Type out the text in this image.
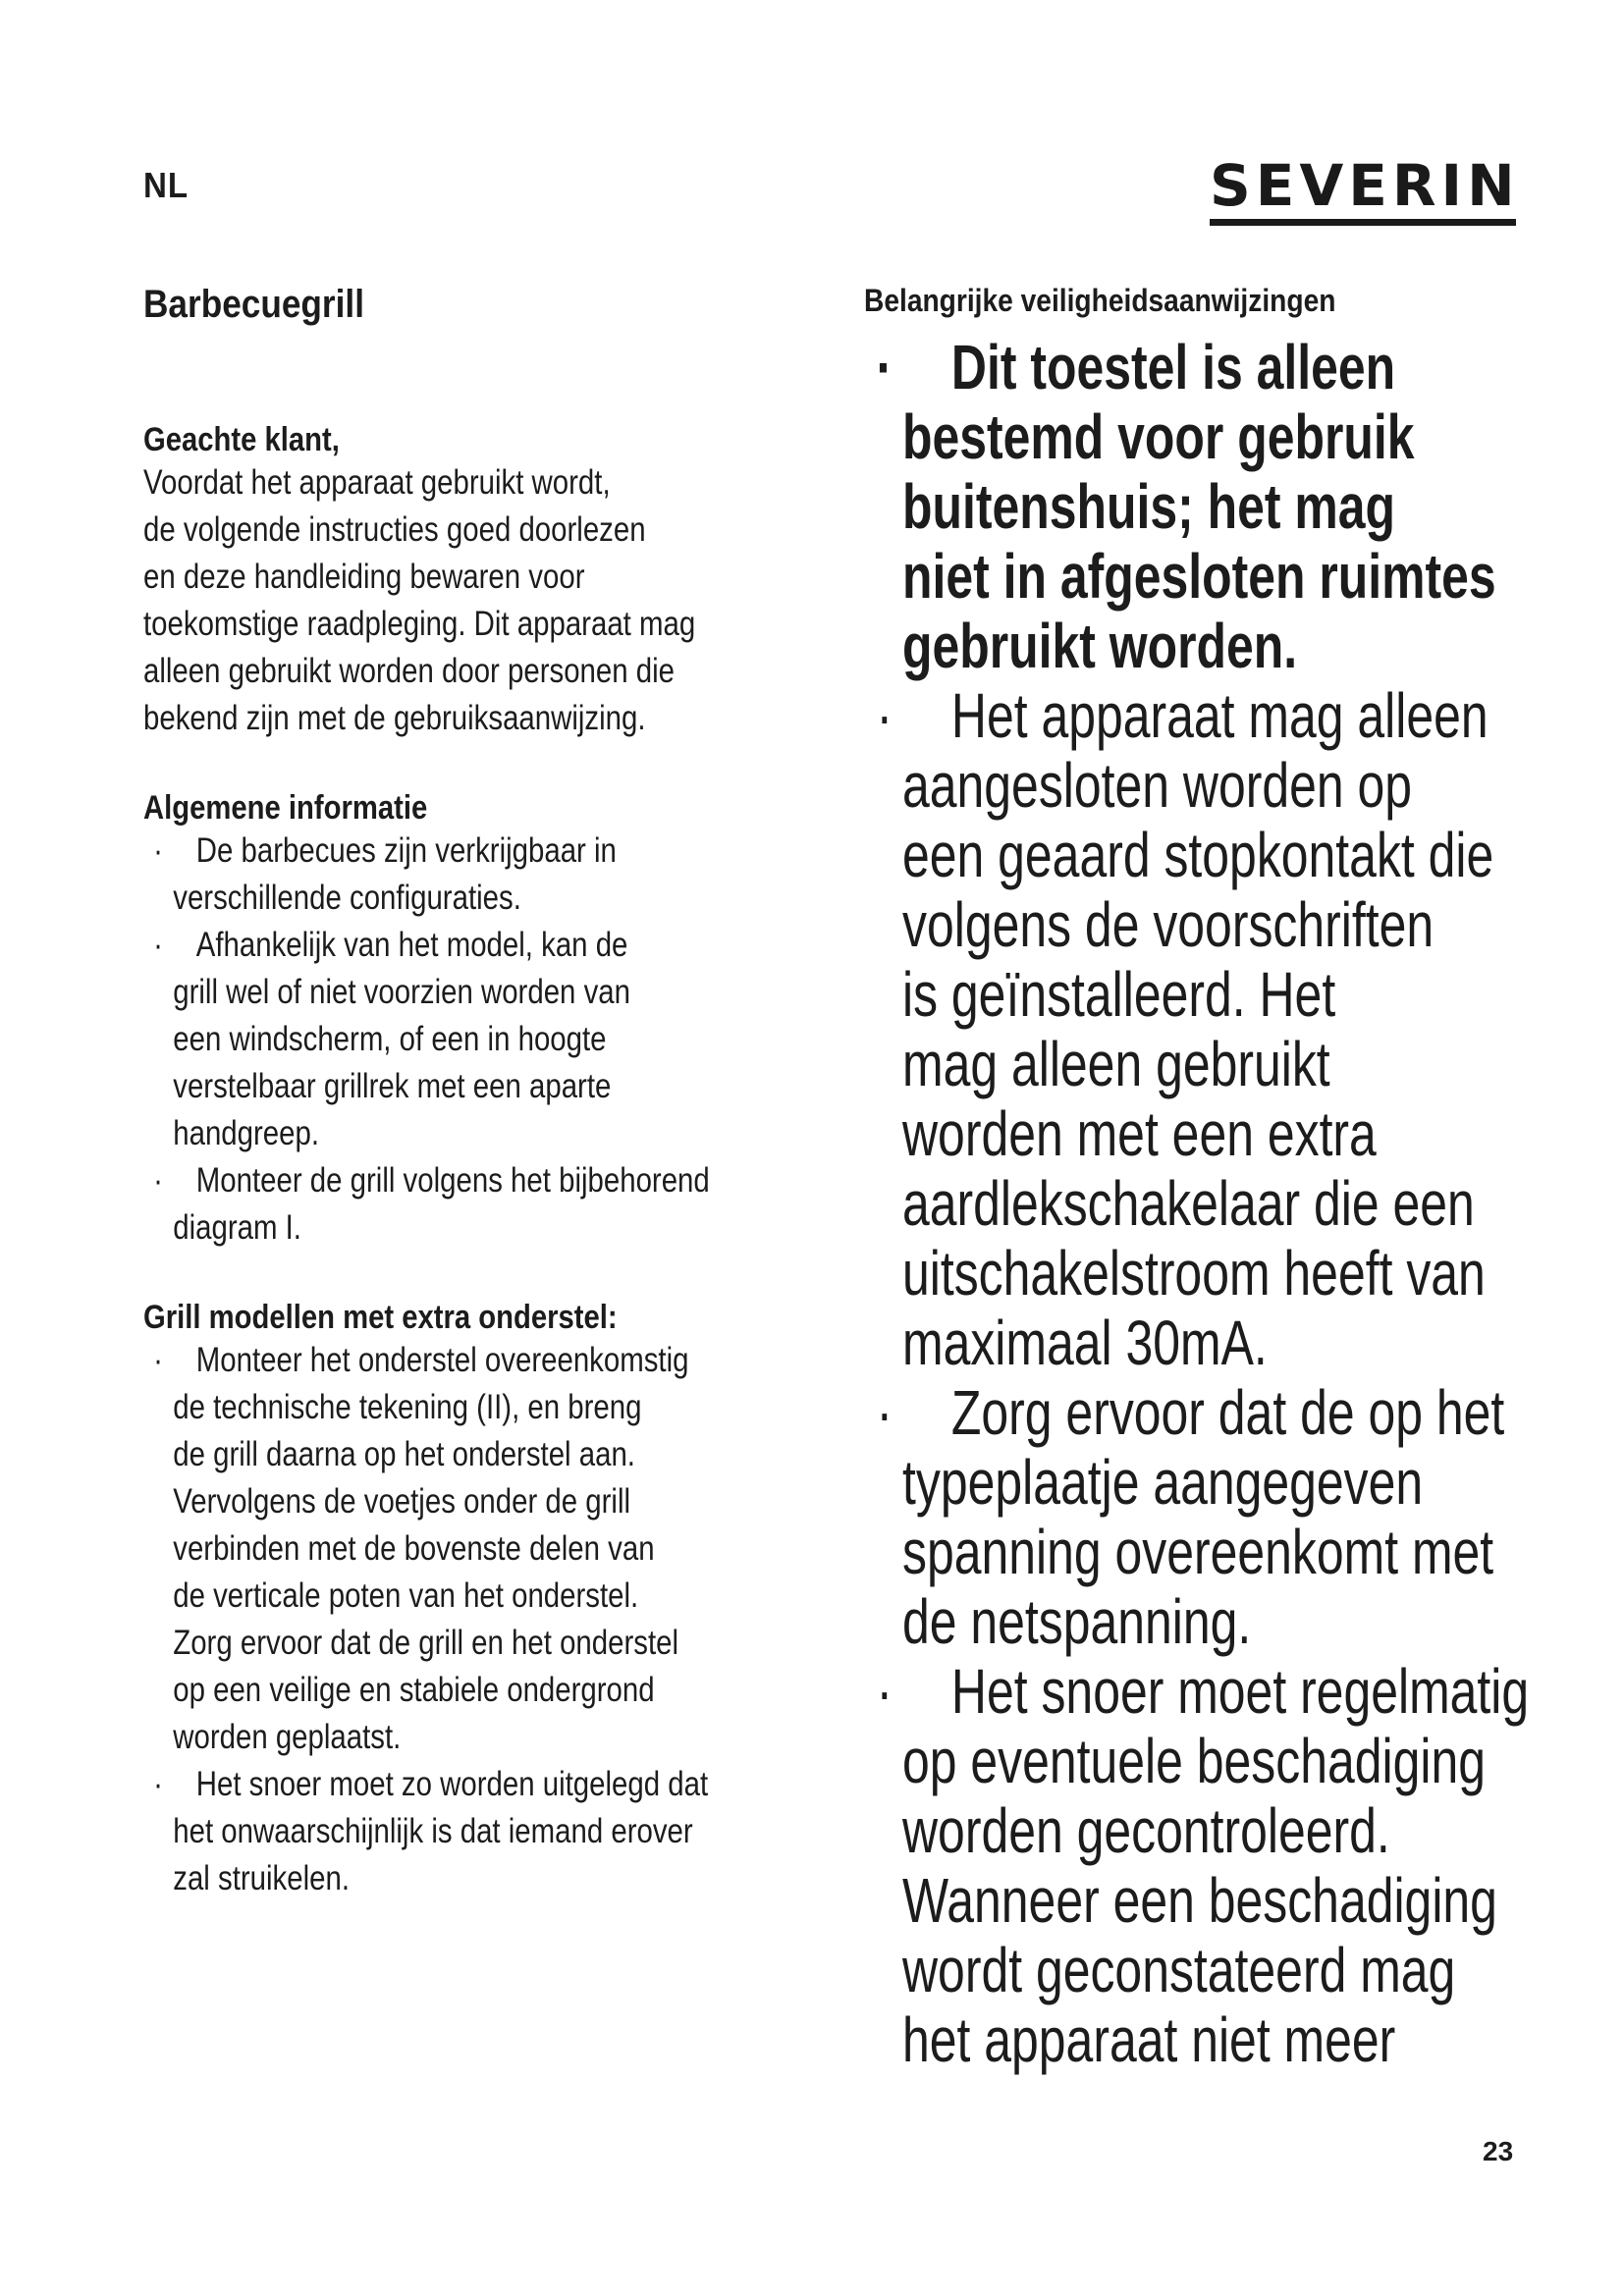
NL	SEVERIN
Barbecuegrill
Geachte klant,
Voordat het apparaat gebruikt wordt,
de volgende instructies goed doorlezen
en deze handleiding bewaren voor
toekomstige raadpleging. Dit apparaat mag
alleen gebruikt worden door personen die
bekend zijn met de gebruiksaanwijzing.
Algemene informatie
· De barbecues zijn verkrijgbaar in
verschillende configuraties.
· Afhankelijk van het model, kan de
grill wel of niet voorzien worden van
een windscherm, of een in hoogte
verstelbaar grillrek met een aparte
handgreep.
· Monteer de grill volgens het bijbehorend
diagram I.
Grill modellen met extra onderstel:
· Monteer het onderstel overeenkomstig
de technische tekening (II), en breng
de grill daarna op het onderstel aan.
Vervolgens de voetjes onder de grill
verbinden met de bovenste delen van
de verticale poten van het onderstel.
Zorg ervoor dat de grill en het onderstel
op een veilige en stabiele ondergrond
worden geplaatst.
· Het snoer moet zo worden uitgelegd dat
het onwaarschijnlijk is dat iemand erover
zal struikelen.
Belangrijke veiligheidsaanwijzingen
· Dit toestel is alleen
bestemd voor gebruik
buitenshuis; het mag
niet in afgesloten ruimtes
gebruikt worden.
· Het apparaat mag alleen
aangesloten worden op
een geaard stopkontakt die
volgens de voorschriften
is geïnstalleerd. Het
mag alleen gebruikt
worden met een extra
aardlekschakelaar die een
uitschakelstroom heeft van
maximaal 30mA.
· Zorg ervoor dat de op het
typeplaatje aangegeven
spanning overeenkomt met
de netspanning.
· Het snoer moet regelmatig
op eventuele beschadiging
worden gecontroleerd.
Wanneer een beschadiging
wordt geconstateerd mag
het apparaat niet meer
23
